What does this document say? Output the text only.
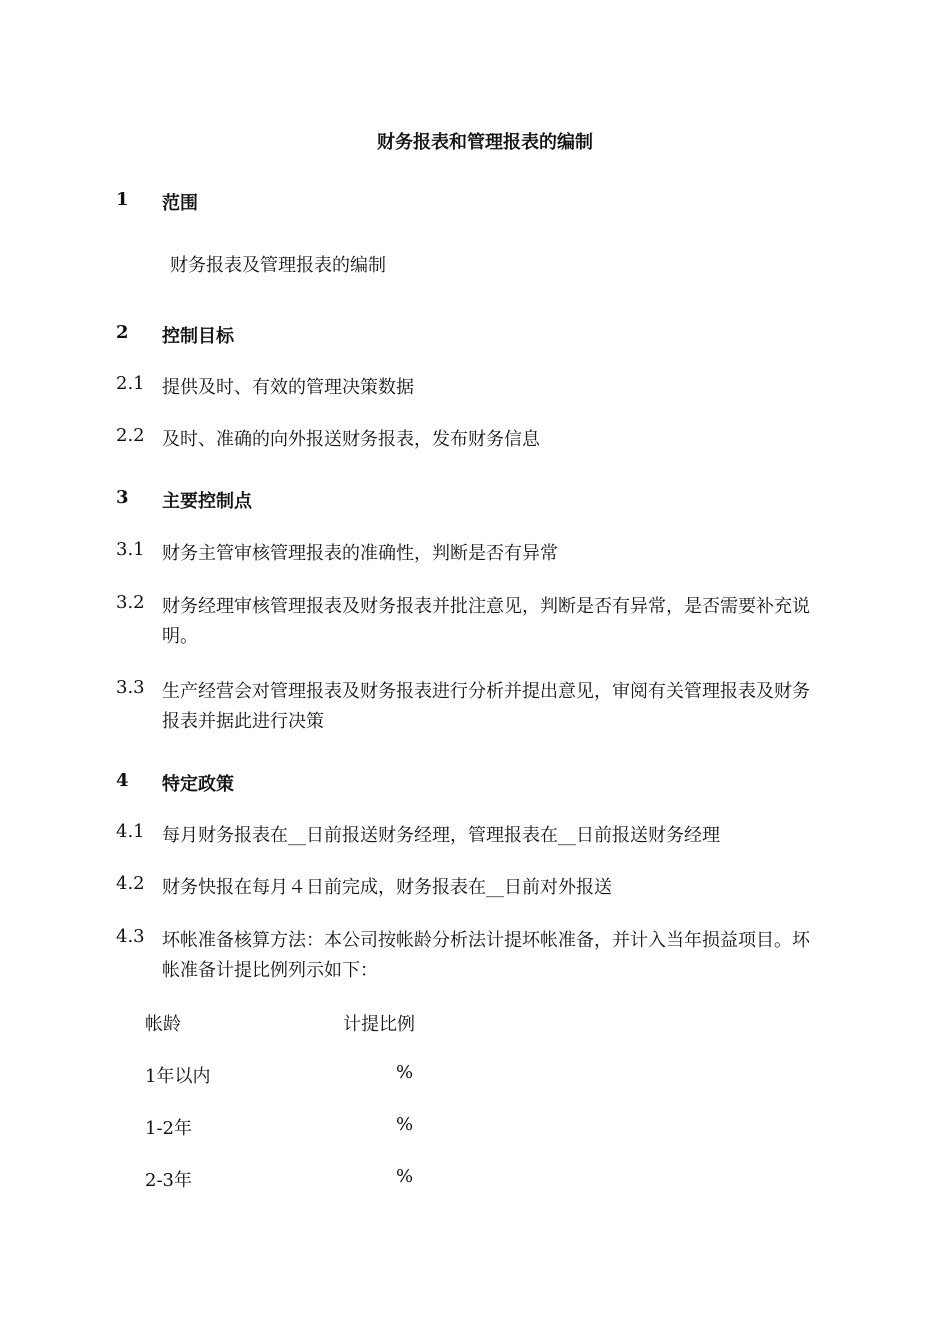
财务报表和管理报表的编制
1 范围
财务报表及管理报表的编制
2 控制目标
2.1 提供及时、有效的管理决策数据
2.2 及时、准确的向外报送财务报表，发布财务信息
3 主要控制点
3.1 财务主管审核管理报表的准确性，判断是否有异常
3.2 财务经理审核管理报表及财务报表并批注意见，判断是否有异常，是否需要补充说
明。
3.3 生产经营会对管理报表及财务报表进行分析并提出意见，审阅有关管理报表及财务
报表并据此进行决策
4 特定政策
4.1 每月财务报表在__日前报送财务经理，管理报表在__日前报送财务经理
4.2 财务快报在每月４日前完成，财务报表在__日前对外报送
4.3 坏帐准备核算方法：本公司按帐龄分析法计提坏帐准备，并计入当年损益项目。坏
帐准备计提比例列示如下：
帐龄	计提比例
1年以内	%
1-2年	%
2-3年	%
